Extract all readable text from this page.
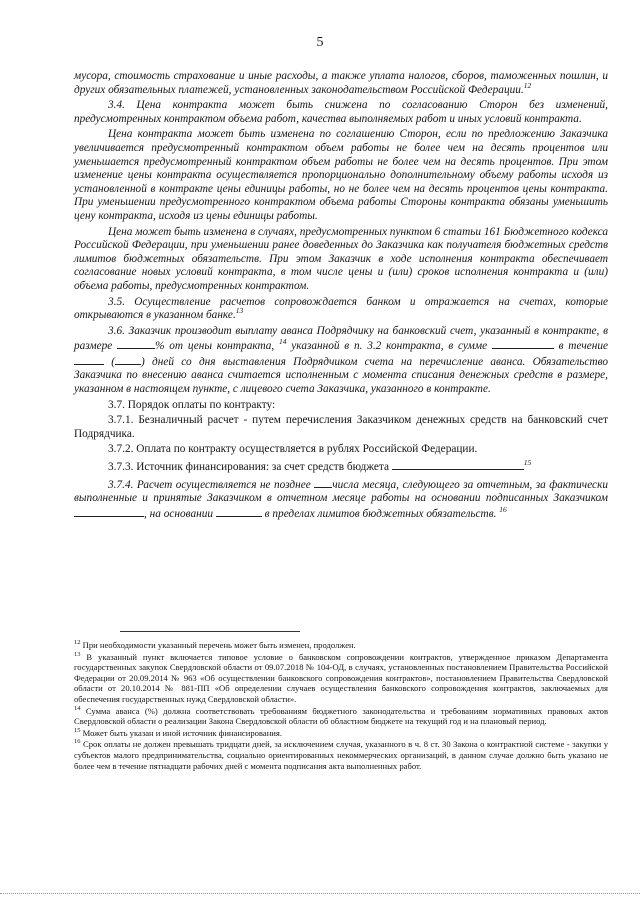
5

мусора, стоимость страхование и иные расходы, а также уплата налогов, сборов, таможенных пошлин, и других обязательных платежей, установленных законодательством Российской Федерации.$^{12}$

3.4. Цена контракта может быть снижена по согласованию Сторон без изменений, предусмотренных контрактом объема работ, качества выполняемых работ и иных условий контракта.

Цена контракта может быть изменена по соглашению Сторон, если по предложению Заказчика увеличивается предусмотренный контрактом объем работы не более чем на десять процентов или уменьшается предусмотренный контрактом объем работы не более чем на десять процентов. При этом изменение цены контракта осуществляется пропорционально дополнительному объему работы исходя из установленной в контракте цены единицы работы, но не более чем на десять процентов цены контракта. При уменьшении предусмотренного контрактом объема работы Стороны контракта обязаны уменьшить цену контракта, исходя из цены единицы работы.

Цена может быть изменена в случаях, предусмотренных пунктом 6 статьи 161 Бюджетного кодекса Российской Федерации, при уменьшении ранее доведенных до Заказчика как получателя бюджетных средств лимитов бюджетных обязательств. При этом Заказчик в ходе исполнения контракта обеспечивает согласование новых условий контракта, в том числе цены и (или) сроков исполнения контракта и (или) объема работы, предусмотренных контрактом.

3.5. Осуществление расчетов сопровождается банком и отражается на счетах, которые открываются в указанном банке.$^{13}$

3.6. Заказчик производит выплату аванса Подрядчику на банковский счет, указанный в контракте, в размере	% от цены контракта, $^{14}$ указанной в п. 3.2 контракта, в сумме	в течение  ( ) дней со дня выставления Подрядчиком счета на перечисление аванса. Обязательство Заказчика по внесению аванса считается исполненным с момента списания денежных средств в размере, указанном в настоящем пункте, с лицевого счета Заказчика, указанного в контракте.

3.7. Порядок оплаты по контракту:

3.7.1. Безналичный расчет - путем перечисления Заказчиком денежных средств на банковский счет Подрядчика.

3.7.2. Оплата по контракту осуществляется в рублях Российской Федерации.

3.7.3. Источник финансирования: за счет средств бюджета	$^{15}$

3.7.4. Расчет осуществляется не позднее числа месяца, следующего за отчетным, за фактически выполненные и принятые Заказчиком в отчетном месяце работы на основании подписанных Заказчиком , на основании	в пределах лимитов бюджетных обязательств. $^{16}$

$^{12}$ При необходимости указанный перечень может быть изменен, продолжен.

$^{13}$ В указанный пункт включается типовое условие о банковском сопровождении контрактов, утвержденное приказом Департамента государственных закупок Свердловской области от 09.07.2018 № 104-ОД, в случаях, установленных постановлением Правительства Российской Федерации от 20.09.2014 № 963 «Об осуществлении банковского сопровождения контрактов», постановлением Правительства Свердловской области от 20.10.2014 № 881-ПП «Об определении случаев осуществления банковского сопровождения контрактов, заключаемых для обеспечения государственных нужд Свердловской области».

$^{14}$ Сумма аванса (%) должна соответствовать требованиям бюджетного законодательства и требованиям нормативных правовых актов Свердловской области о реализации Закона Свердловской области об областном бюджете на текущий год и на плановый период.

$^{15}$ Может быть указан и иной источник финансирования.

$^{16}$ Срок оплаты не должен превышать тридцати дней, за исключением случая, указанного в ч. 8 ст. 30 Закона о контрактной системе - закупки у субъектов малого предпринимательства, социально ориентированных некоммерческих организаций, в данном случае должно быть указано не более чем в течение пятнадцати рабочих дней с момента подписания акта выполненных работ.
